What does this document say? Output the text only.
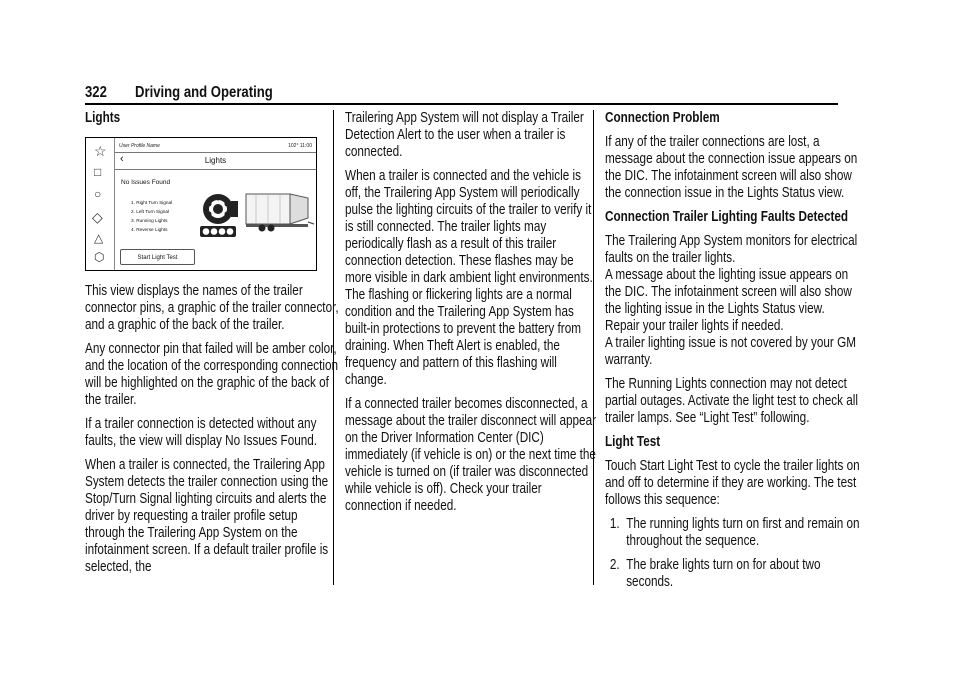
322 Driving and Operating
Lights
☆
□
○
◇
△
⬡
User Profile Name	102° 11:00
Lights
‹
No Issues Found
1. Right Turn Signal
2. Left Turn Signal
3. Running Lights
4. Reverse Lights
Start Light Test

This view displays the names of the trailer connector pins, a graphic of the trailer connector, and a graphic of the back of the trailer.

Any connector pin that failed will be amber color, and the location of the corresponding connection will be highlighted on the graphic of the back of the trailer.

If a trailer connection is detected without any faults, the view will display No Issues Found.

When a trailer is connected, the Trailering App System detects the trailer connection using the Stop/Turn Signal lighting circuits and alerts the driver by requesting a trailer profile setup through the Trailering App System on the infotainment screen. If a default trailer profile is selected, the

Trailering App System will not display a Trailer Detection Alert to the user when a trailer is connected.

When a trailer is connected and the vehicle is off, the Trailering App System will periodically pulse the lighting circuits of the trailer to verify it is still connected. The trailer lights may periodically flash as a result of this trailer connection detection. These flashes may be more visible in dark ambient light environments. The flashing or flickering lights are a normal condition and the Trailering App System has built-in protections to prevent the battery from draining. When Theft Alert is enabled, the frequency and pattern of this flashing will change.

If a connected trailer becomes disconnected, a message about the trailer disconnect will appear on the Driver Information Center (DIC) immediately (if vehicle is on) or the next time the vehicle is turned on (if trailer was disconnected while vehicle is off). Check your trailer connection if needed.

Connection Problem

If any of the trailer connections are lost, a message about the connection issue appears on the DIC. The infotainment screen will also show the connection issue in the Lights Status view.

Connection Trailer Lighting Faults Detected

The Trailering App System monitors for electrical faults on the trailer lights.

A message about the lighting issue appears on the DIC. The infotainment screen will also show the lighting issue in the Lights Status view. Repair your trailer lights if needed.

A trailer lighting issue is not covered by your GM warranty.

The Running Lights connection may not detect partial outages. Activate the light test to check all trailer lamps. See “Light Test” following.

Light Test

Touch Start Light Test to cycle the trailer lights on and off to determine if they are working. The test follows this sequence:

1. The running lights turn on first and remain on throughout the sequence.
2. The brake lights turn on for about two seconds.
